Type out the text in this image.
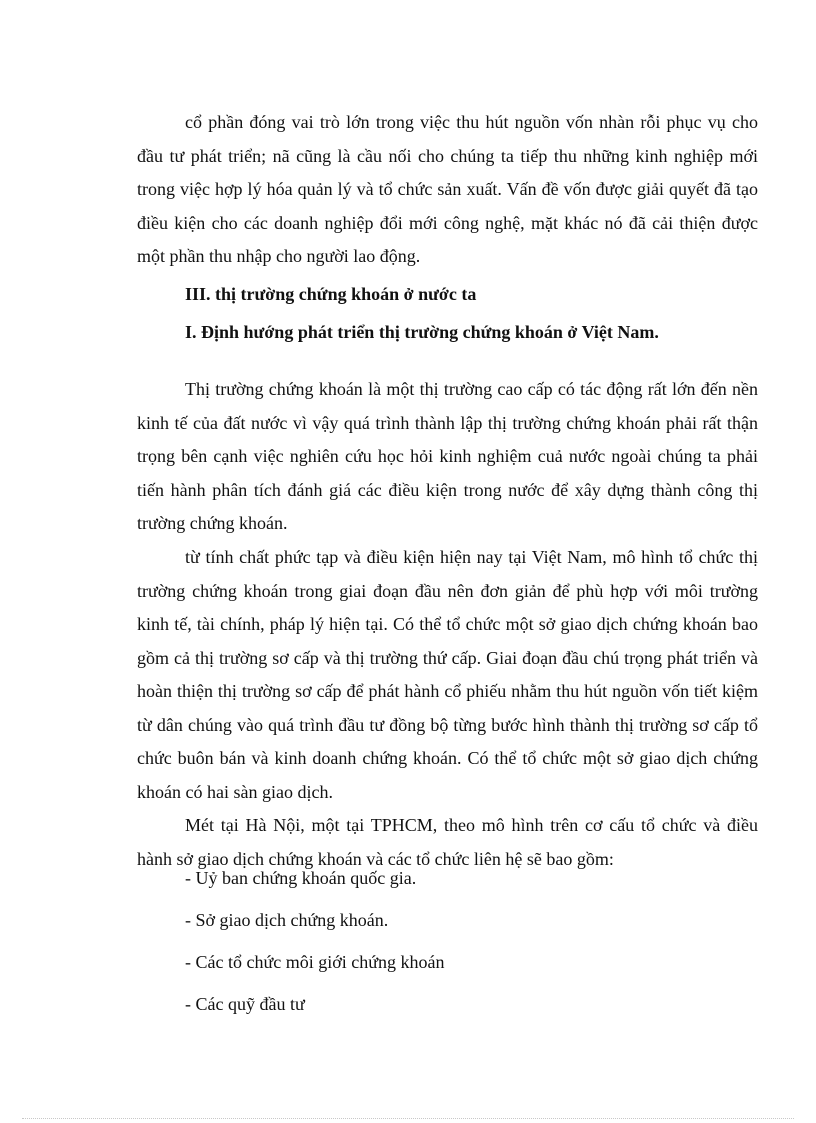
cổ phần đóng vai trò lớn trong việc thu hút nguồn vốn nhàn rỗi phục vụ cho đầu tư phát triển; nã cũng là cầu nối cho chúng ta tiếp thu những kinh nghiệp mới trong việc hợp lý hóa quản lý và tổ chức sản xuất. Vấn đề vốn được giải quyết đã tạo điều kiện cho các doanh nghiệp đổi mới công nghệ, mặt khác nó đã cải thiện được một phần thu nhập cho người lao động.

III. thị trường chứng khoán ở nước ta
I. Định hướng phát triển thị trường chứng khoán ở Việt Nam.

Thị trường chứng khoán là một thị trường cao cấp có tác động rất lớn đến nền kinh tế của đất nước vì vậy quá trình thành lập thị trường chứng khoán phải rất thận trọng bên cạnh việc nghiên cứu học hỏi kinh nghiệm cuả nước ngoài chúng ta phải tiến hành phân tích đánh giá các điều kiện trong nước để xây dựng thành công thị trường chứng khoán.

từ tính chất phức tạp và điều kiện hiện nay tại Việt Nam, mô hình tổ chức thị trường chứng khoán trong giai đoạn đầu nên đơn giản để phù hợp với môi trường kinh tế, tài chính, pháp lý hiện tại. Có thể tổ chức một sở giao dịch chứng khoán bao gồm cả thị trường sơ cấp và thị trường thứ cấp. Giai đoạn đầu chú trọng phát triển và hoàn thiện thị trường sơ cấp để phát hành cổ phiếu nhằm thu hút nguồn vốn tiết kiệm từ dân chúng vào quá trình đầu tư đồng bộ từng bước hình thành thị trường sơ cấp tổ chức buôn bán và kinh doanh chứng khoán. Có thể tổ chức một sở giao dịch chứng khoán có hai sàn giao dịch.

Mét tại Hà Nội, một tại TPHCM, theo mô hình trên cơ cấu tổ chức và điều hành sở giao dịch chứng khoán và các tổ chức liên hệ sẽ bao gồm:

- Uỷ ban chứng khoán quốc gia.
- Sở giao dịch chứng khoán.
- Các tổ chức môi giới chứng khoán
- Các quỹ đầu tư
